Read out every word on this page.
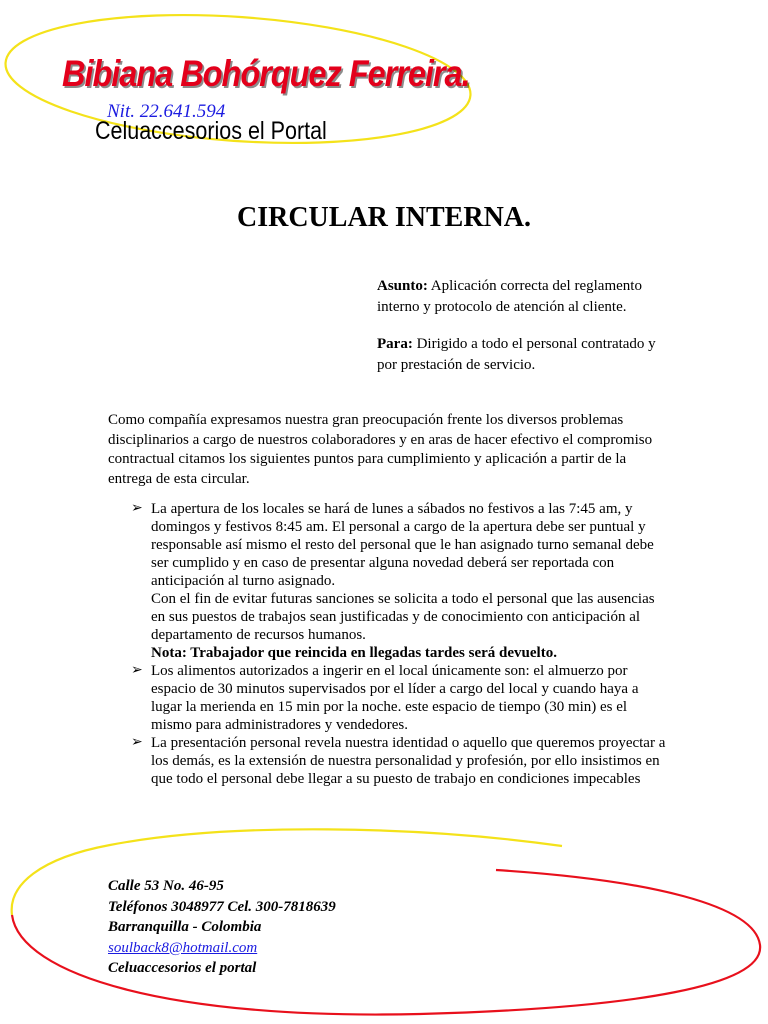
Bibiana Bohórquez Ferreira.
Nit. 22.641.594
Celuaccesorios el Portal
CIRCULAR INTERNA.
Asunto: Aplicación correcta del reglamento interno y protocolo de atención al cliente.
Para: Dirigido a todo el personal contratado y por prestación de servicio.

Como compañía expresamos nuestra gran preocupación frente los diversos problemas disciplinarios a cargo de nuestros colaboradores y en aras de hacer efectivo el compromiso contractual citamos los siguientes puntos para cumplimiento y aplicación a partir de la entrega de esta circular.

➢ La apertura de los locales se hará de lunes a sábados no festivos a las 7:45 am, y domingos y festivos 8:45 am. El personal a cargo de la apertura debe ser puntual y responsable así mismo el resto del personal que le han asignado turno semanal debe ser cumplido y en caso de presentar alguna novedad deberá ser reportada con anticipación al turno asignado.

Con el fin de evitar futuras sanciones se solicita a todo el personal que las ausencias en sus puestos de trabajos sean justificadas y de conocimiento con anticipación al departamento de recursos humanos.

Nota: Trabajador que reincida en llegadas tardes será devuelto.

➢ Los alimentos autorizados a ingerir en el local únicamente son: el almuerzo por espacio de 30 minutos supervisados por el líder a cargo del local y cuando haya a lugar la merienda en 15 min por la noche. este espacio de tiempo (30 min) es el mismo para administradores y vendedores.

➢ La presentación personal revela nuestra identidad o aquello que queremos proyectar a los demás, es la extensión de nuestra personalidad y profesión, por ello insistimos en que todo el personal debe llegar a su puesto de trabajo en condiciones impecables

Calle 53 No. 46-95
Teléfonos 3048977 Cel. 300-7818639
Barranquilla - Colombia
soulback8@hotmail.com
Celuaccesorios el portal
